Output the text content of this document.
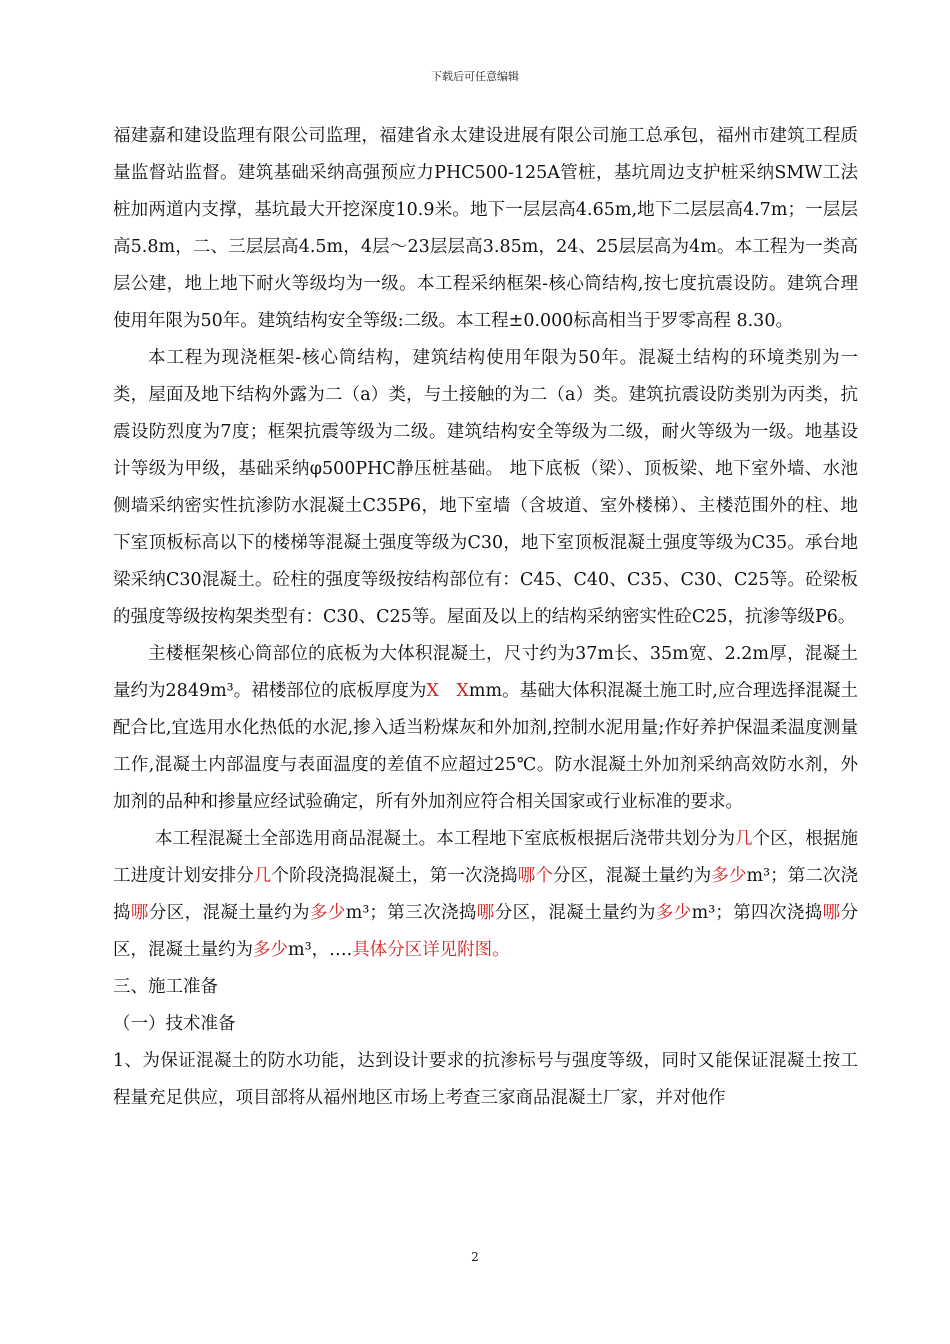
下载后可任意编辑

福建嘉和建设监理有限公司监理，福建省永太建设进展有限公司施工总承包，福州市建筑工程质量监督站监督。建筑基础采纳高强预应力PHC500-125A管桩，基坑周边支护桩采纳SMW工法桩加两道内支撑，基坑最大开挖深度10.9米。地下一层层高4.65m,地下二层层高4.7m；一层层高5.8m，二、三层层高4.5m，4层～23层层高3.85m，24、25层层高为4m。本工程为一类高层公建，地上地下耐火等级均为一级。本工程采纳框架-核心筒结构,按七度抗震设防。建筑合理使用年限为50年。建筑结构安全等级:二级。本工程±0.000标高相当于罗零高程 8.30。

本工程为现浇框架-核心筒结构，建筑结构使用年限为50年。混凝土结构的环境类别为一类，屋面及地下结构外露为二（a）类，与土接触的为二（a）类。建筑抗震设防类别为丙类，抗震设防烈度为7度；框架抗震等级为二级。建筑结构安全等级为二级，耐火等级为一级。地基设计等级为甲级，基础采纳φ500PHC静压桩基础。 地下底板（梁）、顶板梁、地下室外墙、水池侧墙采纳密实性抗渗防水混凝土C35P6，地下室墙（含坡道、室外楼梯）、主楼范围外的柱、地下室顶板标高以下的楼梯等混凝土强度等级为C30，地下室顶板混凝土强度等级为C35。承台地梁采纳C30混凝土。砼柱的强度等级按结构部位有：C45、C40、C35、C30、C25等。砼梁板的强度等级按构架类型有：C30、C25等。屋面及以上的结构采纳密实性砼C25，抗渗等级P6。

主楼框架核心筒部位的底板为大体积混凝土，尺寸约为37m长、35m宽、2.2m厚，混凝土量约为2849m³。裙楼部位的底板厚度为X　Xmm。基础大体积混凝土施工时,应合理选择混凝土配合比,宜选用水化热低的水泥,掺入适当粉煤灰和外加剂,控制水泥用量;作好养护保温柔温度测量工作,混凝土内部温度与表面温度的差值不应超过25℃。防水混凝土外加剂采纳高效防水剂，外加剂的品种和掺量应经试验确定，所有外加剂应符合相关国家或行业标准的要求。

本工程混凝土全部选用商品混凝土。本工程地下室底板根据后浇带共划分为几个区，根据施工进度计划安排分几个阶段浇捣混凝土，第一次浇捣哪个分区，混凝土量约为多少m³；第二次浇捣哪分区，混凝土量约为多少m³；第三次浇捣哪分区，混凝土量约为多少m³；第四次浇捣哪分区，混凝土量约为多少m³，….具体分区详见附图。

三、施工准备

（一）技术准备

1、为保证混凝土的防水功能，达到设计要求的抗渗标号与强度等级，同时又能保证混凝土按工程量充足供应，项目部将从福州地区市场上考查三家商品混凝土厂家，并对他作

2
